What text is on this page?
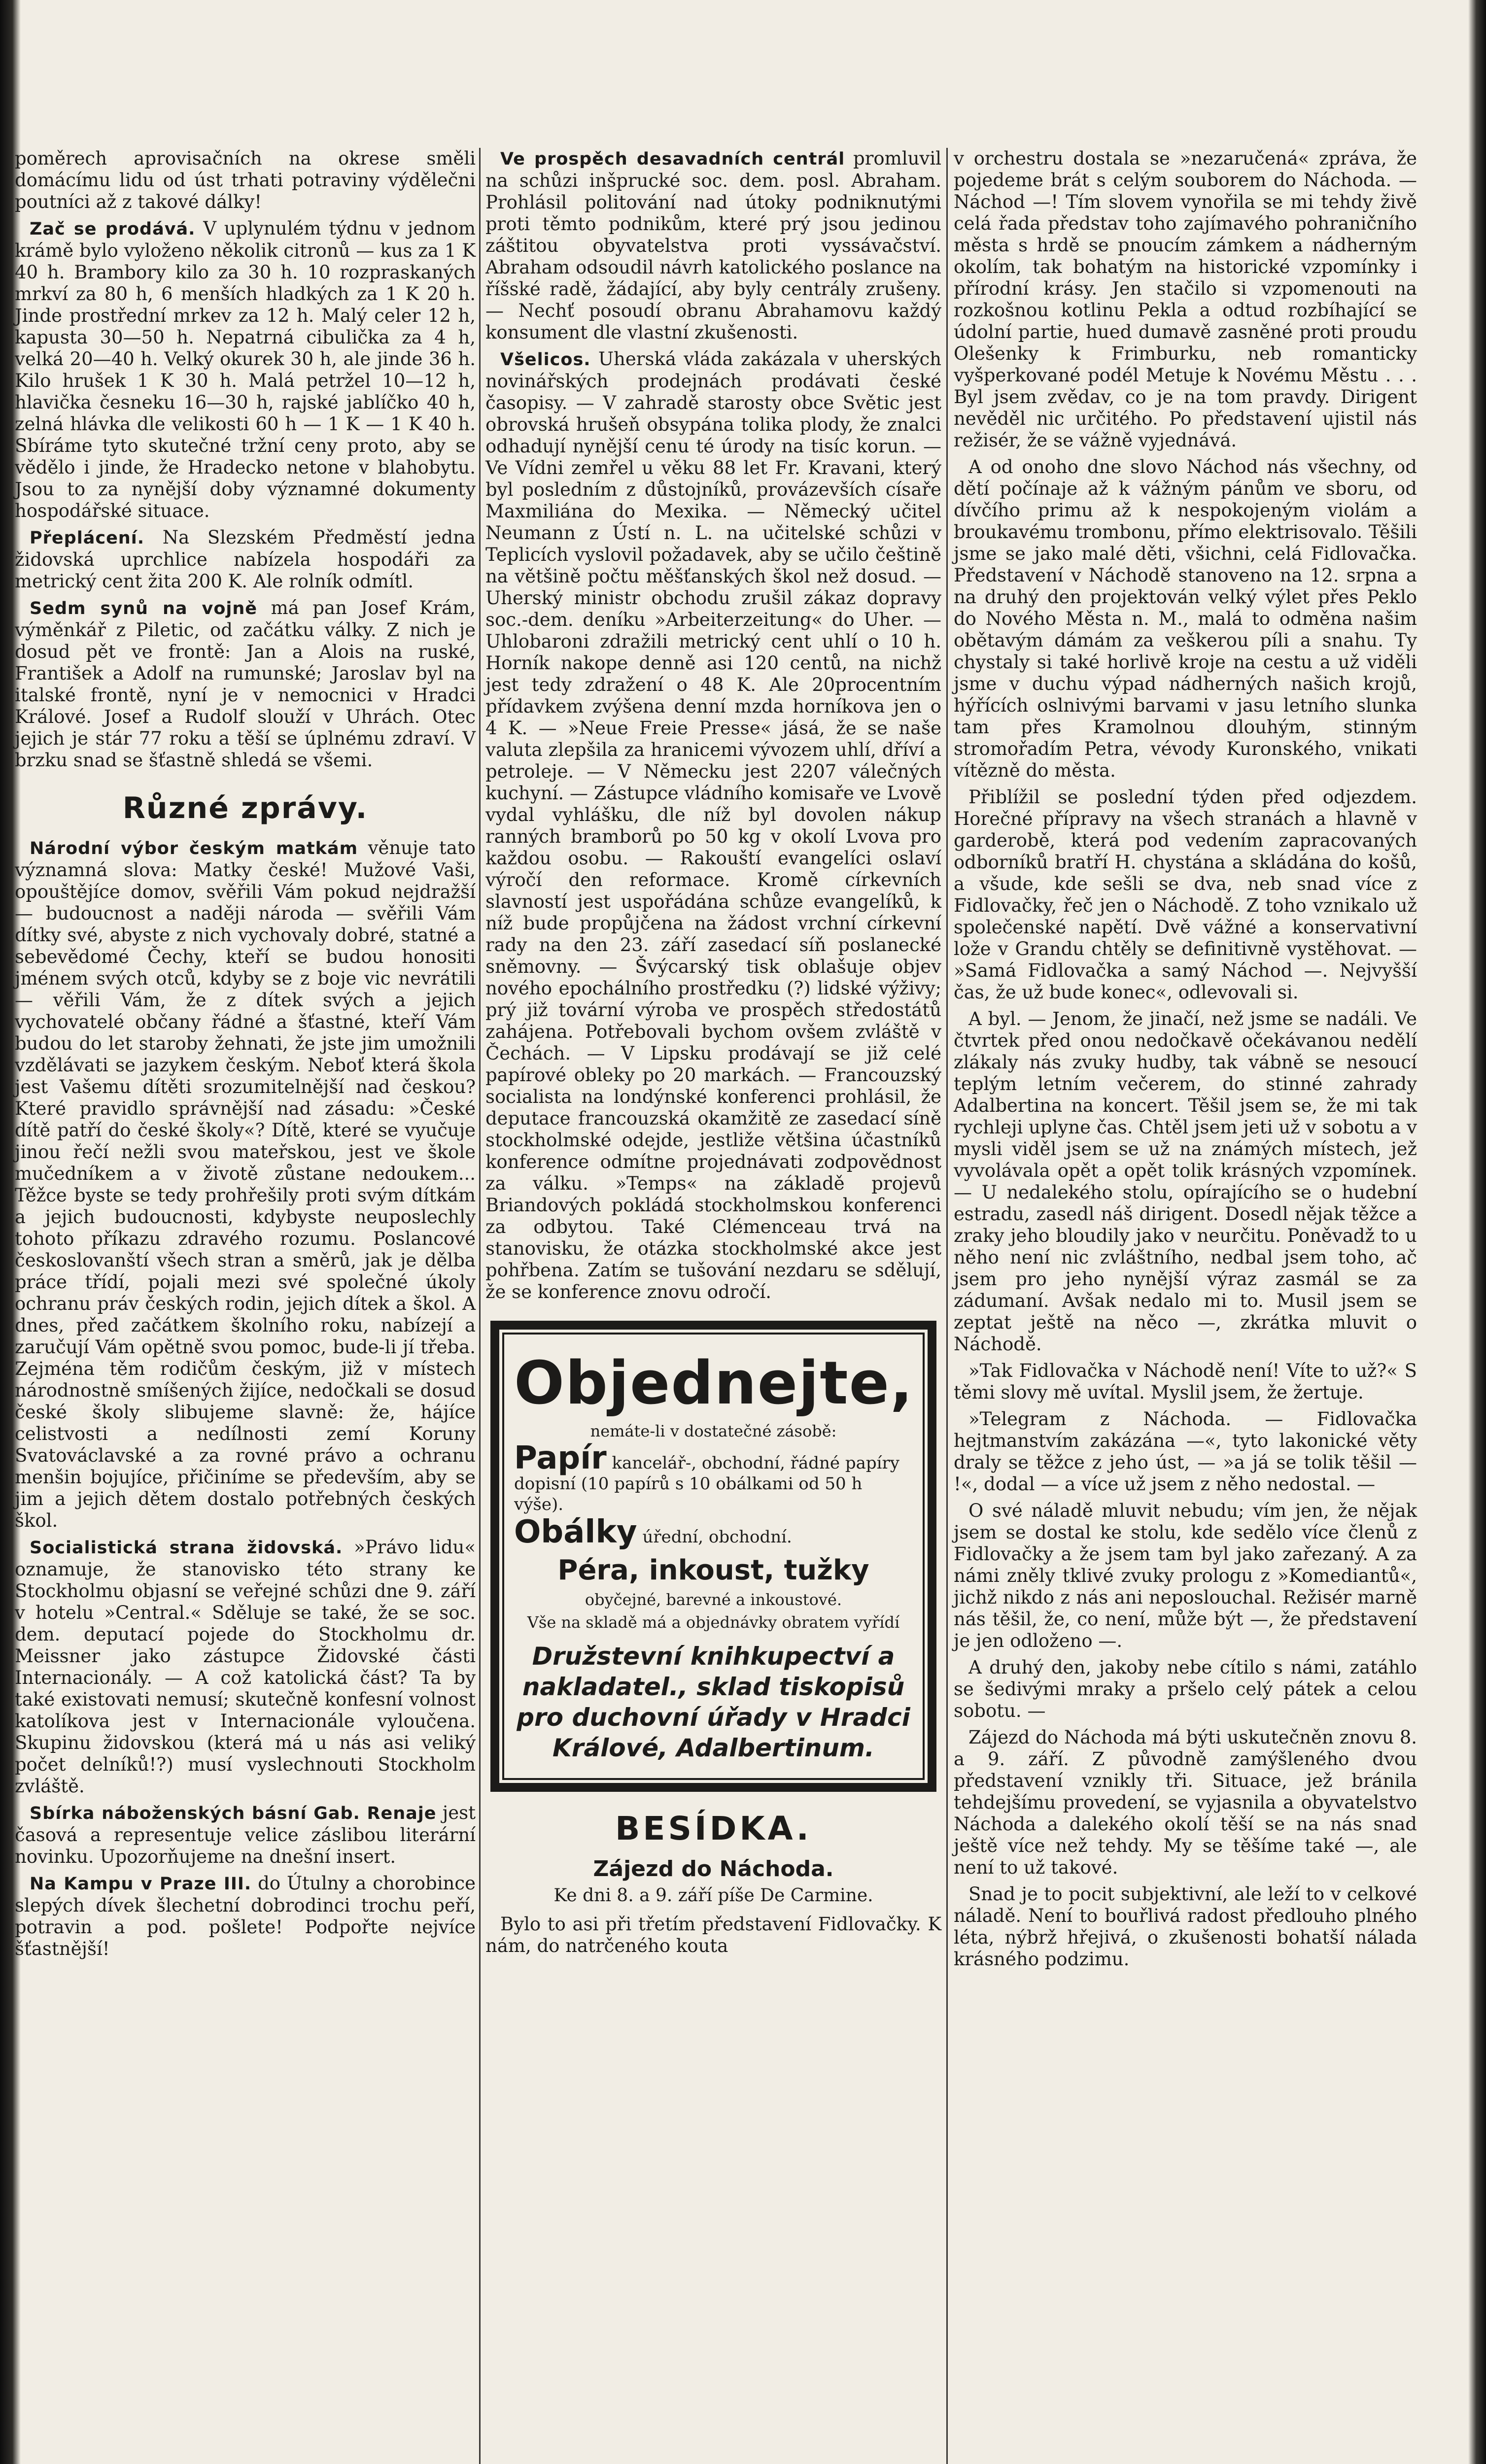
poměrech aprovisačních na okrese směli domácímu lidu od úst trhati potraviny výdělečni poutníci až z takové dálky!

Zač se prodává. V uplynulém týdnu v jednom krámě bylo vyloženo několik citronů — kus za 1 K 40 h. Brambory kilo za 30 h. 10 rozpraskaných mrkví za 80 h, 6 menších hladkých za 1 K 20 h. Jinde prostřední mrkev za 12 h. Malý celer 12 h, kapusta 30—50 h. Nepatrná cibulička za 4 h, velká 20—40 h. Velký okurek 30 h, ale jinde 36 h. Kilo hrušek 1 K 30 h. Malá petržel 10—12 h, hlavička česneku 16—30 h, rajské jablíčko 40 h, zelná hlávka dle velikosti 60 h — 1 K — 1 K 40 h. Sbíráme tyto skutečné tržní ceny proto, aby se vědělo i jinde, že Hradecko netone v blahobytu. Jsou to za nynější doby významné dokumenty hospodářské situace.

Přeplácení. Na Slezském Předměstí jedna židovská uprchlice nabízela hospodáři za metrický cent žita 200 K. Ale rolník odmítl.

Sedm synů na vojně má pan Josef Krám, výměnkář z Piletic, od začátku války. Z nich je dosud pět ve frontě: Jan a Alois na ruské, František a Adolf na rumunské; Jaroslav byl na italské frontě, nyní je v nemocnici v Hradci Králové. Josef a Rudolf slouží v Uhrách. Otec jejich je stár 77 roku a těší se úplnému zdraví. V brzku snad se šťastně shledá se všemi.

Různé zprávy.

Národní výbor českým matkám věnuje tato významná slova: Matky české! Mužové Vaši, opouštějíce domov, svěřili Vám pokud nejdražší — budoucnost a naději národa — svěřili Vám dítky své, abyste z nich vychovaly dobré, statné a sebevědomé Čechy, kteří se budou honositi jménem svých otců, kdyby se z boje vic nevrátili — věřili Vám, že z dítek svých a jejich vychovatelé občany řádné a šťastné, kteří Vám budou do let staroby žehnati, že jste jim umožnili vzdělávati se jazykem českým. Neboť která škola jest Vašemu dítěti srozumitelnější nad českou? Které pravidlo správnější nad zásadu: »České dítě patří do české školy«? Dítě, které se vyučuje jinou řečí nežli svou mateřskou, jest ve škole mučedníkem a v životě zůstane nedoukem... Těžce byste se tedy prohřešily proti svým dítkám a jejich budoucnosti, kdybyste neuposlechly tohoto příkazu zdravého rozumu. Poslancové českoslovanští všech stran a směrů, jak je dělba práce třídí, pojali mezi své společné úkoly ochranu práv českých rodin, jejich dítek a škol. A dnes, před začátkem školního roku, nabízejí a zaručují Vám opětně svou pomoc, bude-li jí třeba. Zejména těm rodičům českým, již v místech národnostně smíšených žijíce, nedočkali se dosud české školy slibujeme slavně: že, hájíce celistvosti a nedílnosti zemí Koruny Svatováclavské a za rovné právo a ochranu menšin bojujíce, přičiníme se především, aby se jim a jejich dětem dostalo potřebných českých škol.

Socialistická strana židovská. »Právo lidu« oznamuje, že stanovisko této strany ke Stockholmu objasní se veřejné schůzi dne 9. září v hotelu »Central.« Sděluje se také, že se soc. dem. deputací pojede do Stockholmu dr. Meissner jako zástupce Židovské části Internacionály. — A což katolická část? Ta by také existovati nemusí; skutečně konfesní volnost katolíkova jest v Internacionále vyloučena. Skupinu židovskou (která má u nás asi veliký počet delníků!?) musí vyslechnouti Stockholm zvláště.

Sbírka náboženských básní Gab. Renaje jest časová a representuje velice záslibou literární novinku. Upozorňujeme na dnešní insert.

Na Kampu v Praze III. do Útulny a chorobince slepých dívek šlechetní dobrodinci trochu peří, potravin a pod. pošlete! Podpořte nejvíce šťastnější!

Ve prospěch desavadních centrál promluvil na schůzi inšprucké soc. dem. posl. Abraham. Prohlásil politování nad útoky podniknutými proti těmto podnikům, které prý jsou jedinou záštitou obyvatelstva proti vyssávačství. Abraham odsoudil návrh katolického poslance na říšské radě, žádající, aby byly centrály zrušeny. — Nechť posoudí obranu Abrahamovu každý konsument dle vlastní zkušenosti.

Všelicos. Uherská vláda zakázala v uherských novinářských prodejnách prodávati české časopisy. — V zahradě starosty obce Světic jest obrovská hrušeň obsypána tolika plody, že znalci odhadují nynější cenu té úrody na tisíc korun. — Ve Vídni zemřel u věku 88 let Fr. Kravani, který byl posledním z důstojníků, provázevších císaře Maxmiliána do Mexika. — Německý učitel Neumann z Ústí n. L. na učitelské schůzi v Teplicích vyslovil požadavek, aby se učilo češtině na většině počtu měšťanských škol než dosud. — Uherský ministr obchodu zrušil zákaz dopravy soc.-dem. deníku »Arbeiterzeitung« do Uher. — Uhlobaroni zdražili metrický cent uhlí o 10 h. Horník nakope denně asi 120 centů, na nichž jest tedy zdražení o 48 K. Ale 20procentním přídavkem zvýšena denní mzda horníkova jen o 4 K. — »Neue Freie Presse« jásá, že se naše valuta zlepšila za hranicemi vývozem uhlí, dříví a petroleje. — V Německu jest 2207 válečných kuchyní. — Zástupce vládního komisaře ve Lvově vydal vyhlášku, dle níž byl dovolen nákup ranných bramborů po 50 kg v okolí Lvova pro každou osobu. — Rakouští evangelíci oslaví výročí den reformace. Kromě církevních slavností jest uspořádána schůze evangelíků, k níž bude propůjčena na žádost vrchní církevní rady na den 23. září zasedací síň poslanecké sněmovny. — Švýcarský tisk oblašuje objev nového epochálního prostředku (?) lidské výživy; prý již tovární výroba ve prospěch středostátů zahájena. Potřebovali bychom ovšem zvláště v Čechách. — V Lipsku prodávají se již celé papírové obleky po 20 markách. — Francouzský socialista na londýnské konferenci prohlásil, že deputace francouzská okamžitě ze zasedací síně stockholmské odejde, jestliže většina účastníků konference odmítne projednávati zodpovědnost za válku. »Temps« na základě projevů Briandových pokládá stockholmskou konferenci za odbytou. Také Clémenceau trvá na stanovisku, že otázka stockholmské akce jest pohřbena. Zatím se tušování nezdaru se sdělují, že se konference znovu odročí.

Objednejte,
nemáte-li v dostatečné zásobě:
Papír kancelář-, obchodní, řádné papíry dopisní (10 papírů s 10 obálkami od 50 h výše).
Obálky úřední, obchodní.
Péra, inkoust, tužky
obyčejné, barevné a inkoustové.
Vše na skladě má a objednávky obratem vyřídí
Družstevní knihkupectví a nakladatel., sklad tiskopisů pro duchovní úřady v Hradci Králové, Adalbertinum.
BESÍDKA.
Zájezd do Náchoda.
Ke dni 8. a 9. září píše De Carmine.

Bylo to asi při třetím představení Fidlovačky. K nám, do natrčeného kouta

v orchestru dostala se »nezaručená« zpráva, že pojedeme brát s celým souborem do Náchoda. — Náchod —! Tím slovem vynořila se mi tehdy živě celá řada představ toho zajímavého pohraničního města s hrdě se pnoucím zámkem a nádherným okolím, tak bohatým na historické vzpomínky i přírodní krásy. Jen stačilo si vzpomenouti na rozkošnou kotlinu Pekla a odtud rozbíhající se údolní partie, hued dumavě zasněné proti proudu Olešenky k Frimburku, neb romanticky vyšperkované podél Metuje k Novému Městu . . . Byl jsem zvědav, co je na tom pravdy. Dirigent nevěděl nic určitého. Po představení ujistil nás režisér, že se vážně vyjednává.

A od onoho dne slovo Náchod nás všechny, od dětí počínaje až k vážným pánům ve sboru, od dívčího primu až k nespokojeným violám a broukavému trombonu, přímo elektrisovalo. Těšili jsme se jako malé děti, všichni, celá Fidlovačka. Představení v Náchodě stanoveno na 12. srpna a na druhý den projektován velký výlet přes Peklo do Nového Města n. M., malá to odměna našim obětavým dámám za veškerou píli a snahu. Ty chystaly si také horlivě kroje na cestu a už viděli jsme v duchu výpad nádherných našich krojů, hýřících oslnivými barvami v jasu letního slunka tam přes Kramolnou dlouhým, stinným stromořadím Petra, vévody Kuronského, vnikati vítězně do města.

Přiblížil se poslední týden před odjezdem. Horečné přípravy na všech stranách a hlavně v garderobě, která pod vedením zapracovaných odborníků bratří H. chystána a skládána do košů, a všude, kde sešli se dva, neb snad více z Fidlovačky, řeč jen o Náchodě. Z toho vznikalo už společenské napětí. Dvě vážné a konservativní lože v Grandu chtěly se definitivně vystěhovat. — »Samá Fidlovačka a samý Náchod —. Nejvyšší čas, že už bude konec«, odlevovali si.

A byl. — Jenom, že jinačí, než jsme se nadáli. Ve čtvrtek před onou nedočkavě očekávanou nedělí zlákaly nás zvuky hudby, tak vábně se nesoucí teplým letním večerem, do stinné zahrady Adalbertina na koncert. Těšil jsem se, že mi tak rychleji uplyne čas. Chtěl jsem jeti už v sobotu a v mysli viděl jsem se už na známých místech, jež vyvolávala opět a opět tolik krásných vzpomínek. — U nedalekého stolu, opírajícího se o hudební estradu, zasedl náš dirigent. Dosedl nějak těžce a zraky jeho bloudily jako v neurčitu. Poněvadž to u něho není nic zvláštního, nedbal jsem toho, ač jsem pro jeho nynější výraz zasmál se za zádumaní. Avšak nedalo mi to. Musil jsem se zeptat ještě na něco —, zkrátka mluvit o Náchodě.

»Tak Fidlovačka v Náchodě není! Víte to už?« S těmi slovy mě uvítal. Myslil jsem, že žertuje.

»Telegram z Náchoda. — Fidlovačka hejtmanstvím zakázána —«, tyto lakonické věty draly se těžce z jeho úst, — »a já se tolik těšil — !«, dodal — a více už jsem z něho nedostal. —

O své náladě mluvit nebudu; vím jen, že nějak jsem se dostal ke stolu, kde sedělo více členů z Fidlovačky a že jsem tam byl jako zařezaný. A za námi zněly tklivé zvuky prologu z »Komediantů«, jichž nikdo z nás ani neposlouchal. Režisér marně nás těšil, že, co není, může být —, že představení je jen odloženo —.

A druhý den, jakoby nebe cítilo s námi, zatáhlo se šedivými mraky a pršelo celý pátek a celou sobotu. —

Zájezd do Náchoda má býti uskutečněn znovu 8. a 9. září. Z původně zamýšleného dvou představení vznikly tři. Situace, jež bránila tehdejšímu provedení, se vyjasnila a obyvatelstvo Náchoda a dalekého okolí těší se na nás snad ještě více než tehdy. My se těšíme také —, ale není to už takové.

Snad je to pocit subjektivní, ale leží to v celkové náladě. Není to bouřlivá radost předlouho plného léta, nýbrž hřejivá, o zkušenosti bohatší nálada krásného podzimu.
